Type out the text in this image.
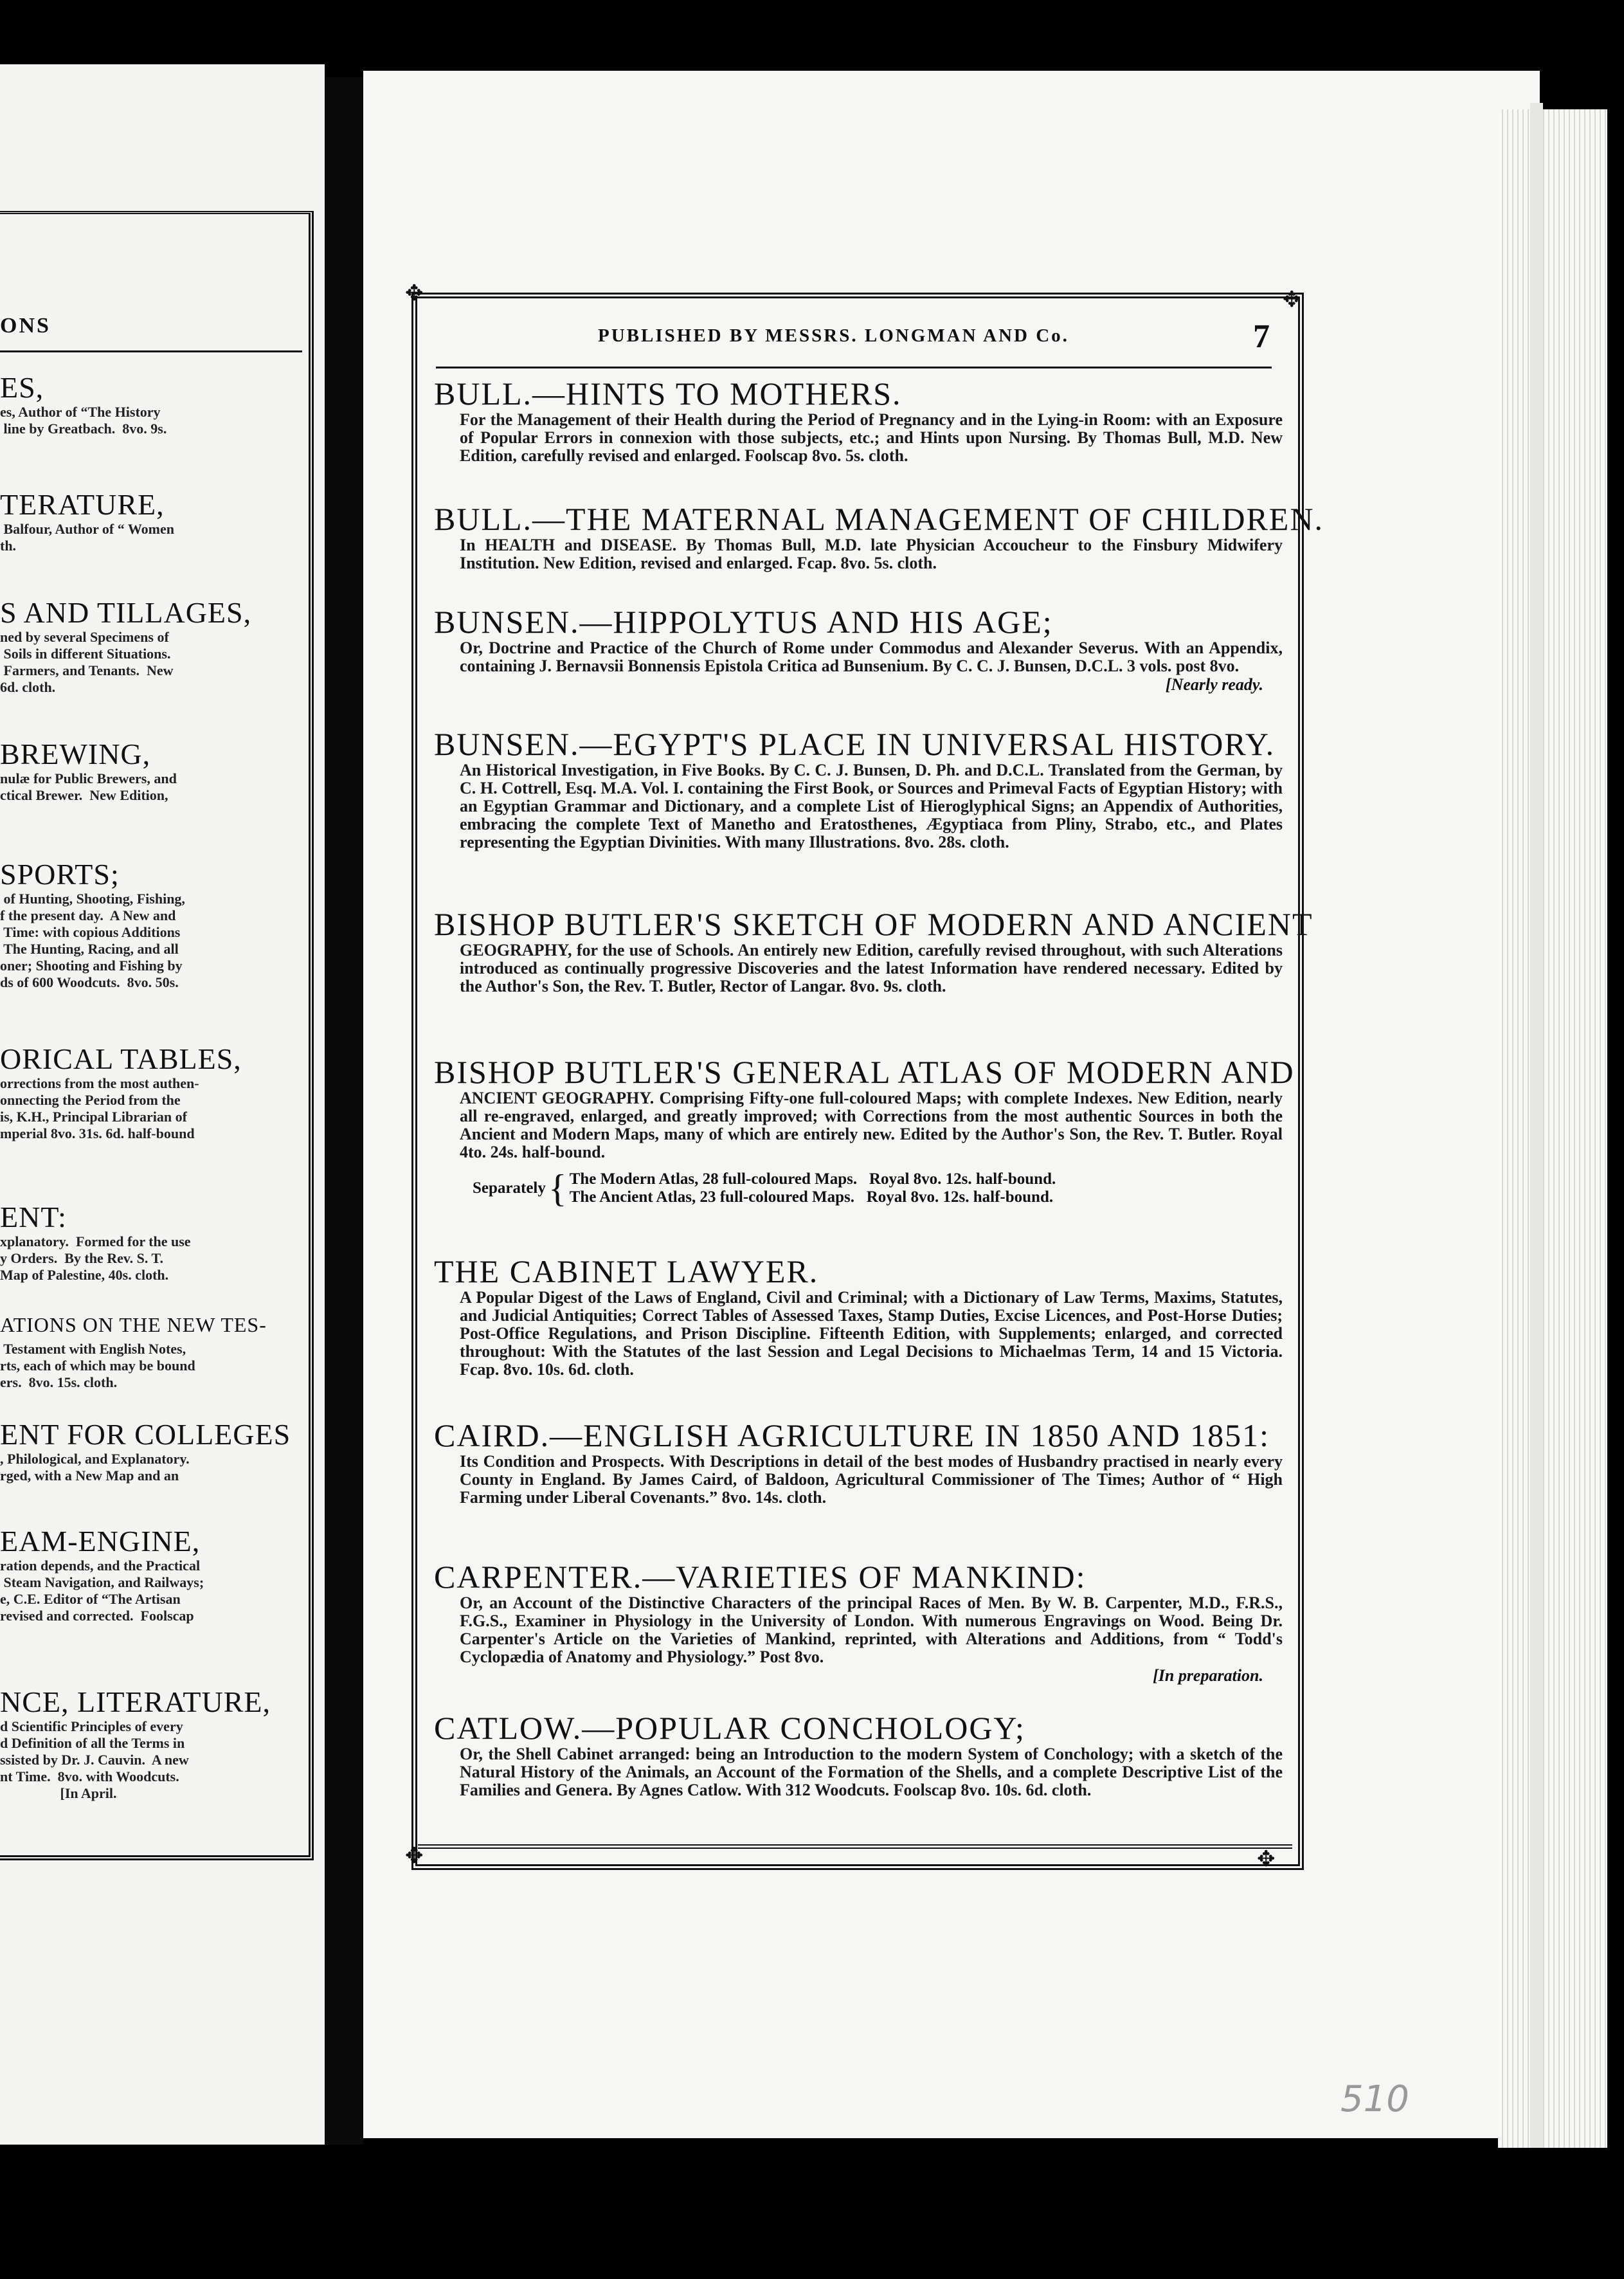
ONS
ES,
es, Author of “The History
line by Greatbach.  8vo. 9s.
TERATURE,
Balfour, Author of “ Women
th.
S AND TILLAGES,
ned by several Specimens of
Soils in different Situations.
Farmers, and Tenants.  New
6d. cloth.
BREWING,
nulæ for Public Brewers, and
ctical Brewer.  New Edition,
SPORTS;
of Hunting, Shooting, Fishing,
f the present day.  A New and
Time: with copious Additions
The Hunting, Racing, and all
oner; Shooting and Fishing by
ds of 600 Woodcuts.  8vo. 50s.
ORICAL TABLES,
orrections from the most authen-
onnecting the Period from the
is, K.H., Principal Librarian of
mperial 8vo. 31s. 6d. half-bound
ENT:
xplanatory.  Formed for the use
y Orders.  By the Rev. S. T.
Map of Palestine, 40s. cloth.
ATIONS ON THE NEW TES-
Testament with English Notes,
rts, each of which may be bound
ers.  8vo. 15s. cloth.
ENT FOR COLLEGES
, Philological, and Explanatory.
rged, with a New Map and an
EAM-ENGINE,
ration depends, and the Practical
Steam Navigation, and Railways;
e, C.E. Editor of “The Artisan
revised and corrected.  Foolscap
NCE, LITERATURE,
d Scientific Principles of every
d Definition of all the Terms in
ssisted by Dr. J. Cauvin.  A new
nt Time.  8vo. with Woodcuts.
[In April.
✥	✥
✥	✥
PUBLISHED BY MESSRS. LONGMAN AND Co.	7
BULL.—HINTS TO MOTHERS.
For the Management of their Health during the Period of Pregnancy and in the Lying-in Room: with an Exposure of Popular Errors in connexion with those subjects, etc.; and Hints upon Nursing. By Thomas Bull, M.D. New Edition, carefully revised and enlarged. Foolscap 8vo. 5s. cloth.
BULL.—THE MATERNAL MANAGEMENT OF CHILDREN.
In HEALTH and DISEASE. By Thomas Bull, M.D. late Physician Accoucheur to the Finsbury Midwifery Institution. New Edition, revised and enlarged. Fcap. 8vo. 5s. cloth.
BUNSEN.—HIPPOLYTUS AND HIS AGE;
Or, Doctrine and Practice of the Church of Rome under Commodus and Alexander Severus. With an Appendix, containing J. Bernavsii Bonnensis Epistola Critica ad Bunsenium. By C. C. J. Bunsen, D.C.L. 3 vols. post 8vo.
[Nearly ready.
BUNSEN.—EGYPT'S PLACE IN UNIVERSAL HISTORY.
An Historical Investigation, in Five Books. By C. C. J. Bunsen, D. Ph. and D.C.L. Translated from the German, by C. H. Cottrell, Esq. M.A. Vol. I. containing the First Book, or Sources and Primeval Facts of Egyptian History; with an Egyptian Grammar and Dictionary, and a complete List of Hieroglyphical Signs; an Appendix of Authorities, embracing the complete Text of Manetho and Eratosthenes, Ægyptiaca from Pliny, Strabo, etc., and Plates representing the Egyptian Divinities. With many Illustrations. 8vo. 28s. cloth.
BISHOP BUTLER'S SKETCH OF MODERN AND ANCIENT
GEOGRAPHY, for the use of Schools. An entirely new Edition, carefully revised throughout, with such Alterations introduced as continually progressive Discoveries and the latest Information have rendered necessary. Edited by the Author's Son, the Rev. T. Butler, Rector of Langar. 8vo. 9s. cloth.
BISHOP BUTLER'S GENERAL ATLAS OF MODERN AND
ANCIENT GEOGRAPHY. Comprising Fifty-one full-coloured Maps; with complete Indexes. New Edition, nearly all re-engraved, enlarged, and greatly improved; with Corrections from the most authentic Sources in both the Ancient and Modern Maps, many of which are entirely new. Edited by the Author's Son, the Rev. T. Butler. Royal 4to. 24s. half-bound.
Separately { The Modern Atlas, 28 full-coloured Maps.   Royal 8vo. 12s. half-bound.
The Ancient Atlas, 23 full-coloured Maps.   Royal 8vo. 12s. half-bound.
THE CABINET LAWYER.
A Popular Digest of the Laws of England, Civil and Criminal; with a Dictionary of Law Terms, Maxims, Statutes, and Judicial Antiquities; Correct Tables of Assessed Taxes, Stamp Duties, Excise Licences, and Post-Horse Duties; Post-Office Regulations, and Prison Discipline. Fifteenth Edition, with Supplements; enlarged, and corrected throughout: With the Statutes of the last Session and Legal Decisions to Michaelmas Term, 14 and 15 Victoria. Fcap. 8vo. 10s. 6d. cloth.
CAIRD.—ENGLISH AGRICULTURE IN 1850 AND 1851:
Its Condition and Prospects. With Descriptions in detail of the best modes of Husbandry practised in nearly every County in England. By James Caird, of Baldoon, Agricultural Commissioner of The Times; Author of “ High Farming under Liberal Covenants.” 8vo. 14s. cloth.
CARPENTER.—VARIETIES OF MANKIND:
Or, an Account of the Distinctive Characters of the principal Races of Men. By W. B. Carpenter, M.D., F.R.S., F.G.S., Examiner in Physiology in the University of London. With numerous Engravings on Wood. Being Dr. Carpenter's Article on the Varieties of Mankind, reprinted, with Alterations and Additions, from “ Todd's Cyclopædia of Anatomy and Physiology.” Post 8vo.
[In preparation.
CATLOW.—POPULAR CONCHOLOGY;
Or, the Shell Cabinet arranged: being an Introduction to the modern System of Conchology; with a sketch of the Natural History of the Animals, an Account of the Formation of the Shells, and a complete Descriptive List of the Families and Genera. By Agnes Catlow. With 312 Woodcuts. Foolscap 8vo. 10s. 6d. cloth.
510
